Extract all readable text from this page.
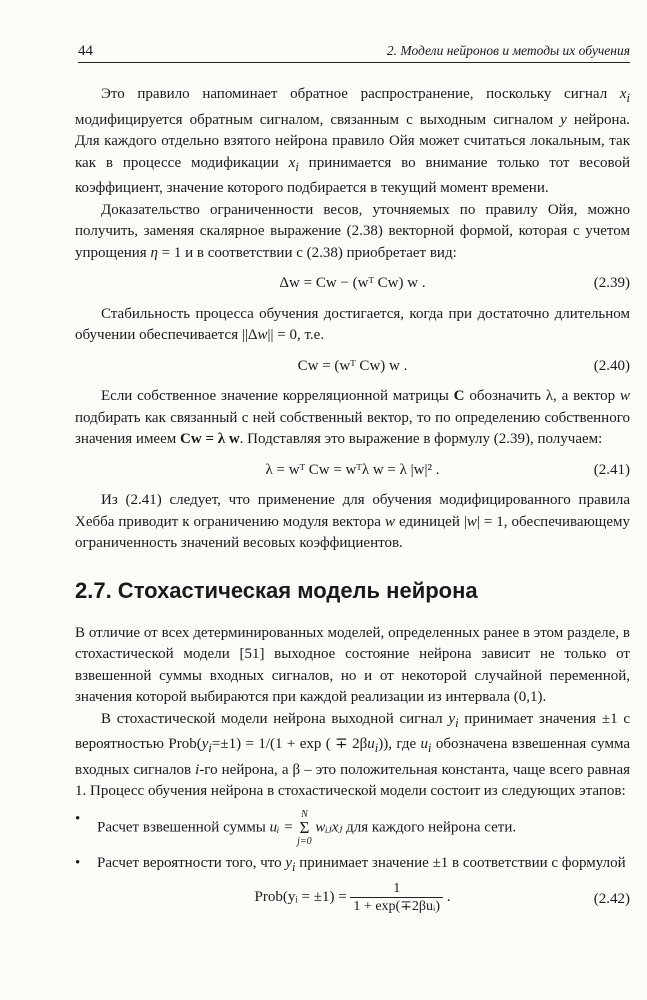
44	2. Модели нейронов и методы их обучения

Это правило напоминает обратное распространение, поскольку сигнал $x_i$ модифицируется обратным сигналом, связанным с выходным сигналом y нейрона. Для каждого отдельно взятого нейрона правило Ойя может считаться локальным, так как в процессе модификации $x_i$ принимается во внимание только тот весовой коэффициент, значение которого подбирается в текущий момент времени.

Доказательство ограниченности весов, уточняемых по правилу Ойя, можно получить, заменяя скалярное выражение (2.38) векторной формой, которая с учетом упрощения η = 1 и в соответствии с (2.38) приобретает вид:

Δw = Cw − (wᵀ Cw) w .	(2.39)

Стабильность процесса обучения достигается, когда при достаточно длительном обучении обеспечивается ||Δw|| = 0, т.е.

Cw = (wᵀ Cw) w .	(2.40)

Если собственное значение корреляционной матрицы C обозначить λ, а вектор w подбирать как связанный с ней собственный вектор, то по определению собственного значения имеем Cw = λ w. Подставляя это выражение в формулу (2.39), получаем:

λ = wᵀ Cw = wᵀλ w = λ |w|² .	(2.41)

Из (2.41) следует, что применение для обучения модифицированного правила Хебба приводит к ограничению модуля вектора w единицей |w| = 1, обеспечивающему ограниченность значений весовых коэффициентов.

2.7. Стохастическая модель нейрона

В отличие от всех детерминированных моделей, определенных ранее в этом разделе, в стохастической модели [51] выходное состояние нейрона зависит не только от взвешенной суммы входных сигналов, но и от некоторой случайной переменной, значения которой выбираются при каждой реализации из интервала (0,1).

В стохастической модели нейрона выходной сигнал $y_i$ принимает значения ±1 с вероятностью $Prob(y_i=\pm 1) = 1/(1 + \exp$ ( ∓ $2\beta u_i$)), где $u_i$ обозначена взвешенная сумма входных сигналов i-го нейрона, а β – это положительная константа, чаще всего равная 1. Процесс обучения нейрона в стохастической модели состоит из следующих этапов:

•
Расчет взвешенной суммы uᵢ = N
Σ
j=0 wᵢⱼxⱼ для каждого нейрона сети.
•	Расчет вероятности того, что $y_i$ принимает значение ±1 в соответствии с формулой
Prob(yᵢ = $\pm 1) = \frac{1}{\text{1 + exp(∓2βuᵢ)}}$ .	(2.42)
